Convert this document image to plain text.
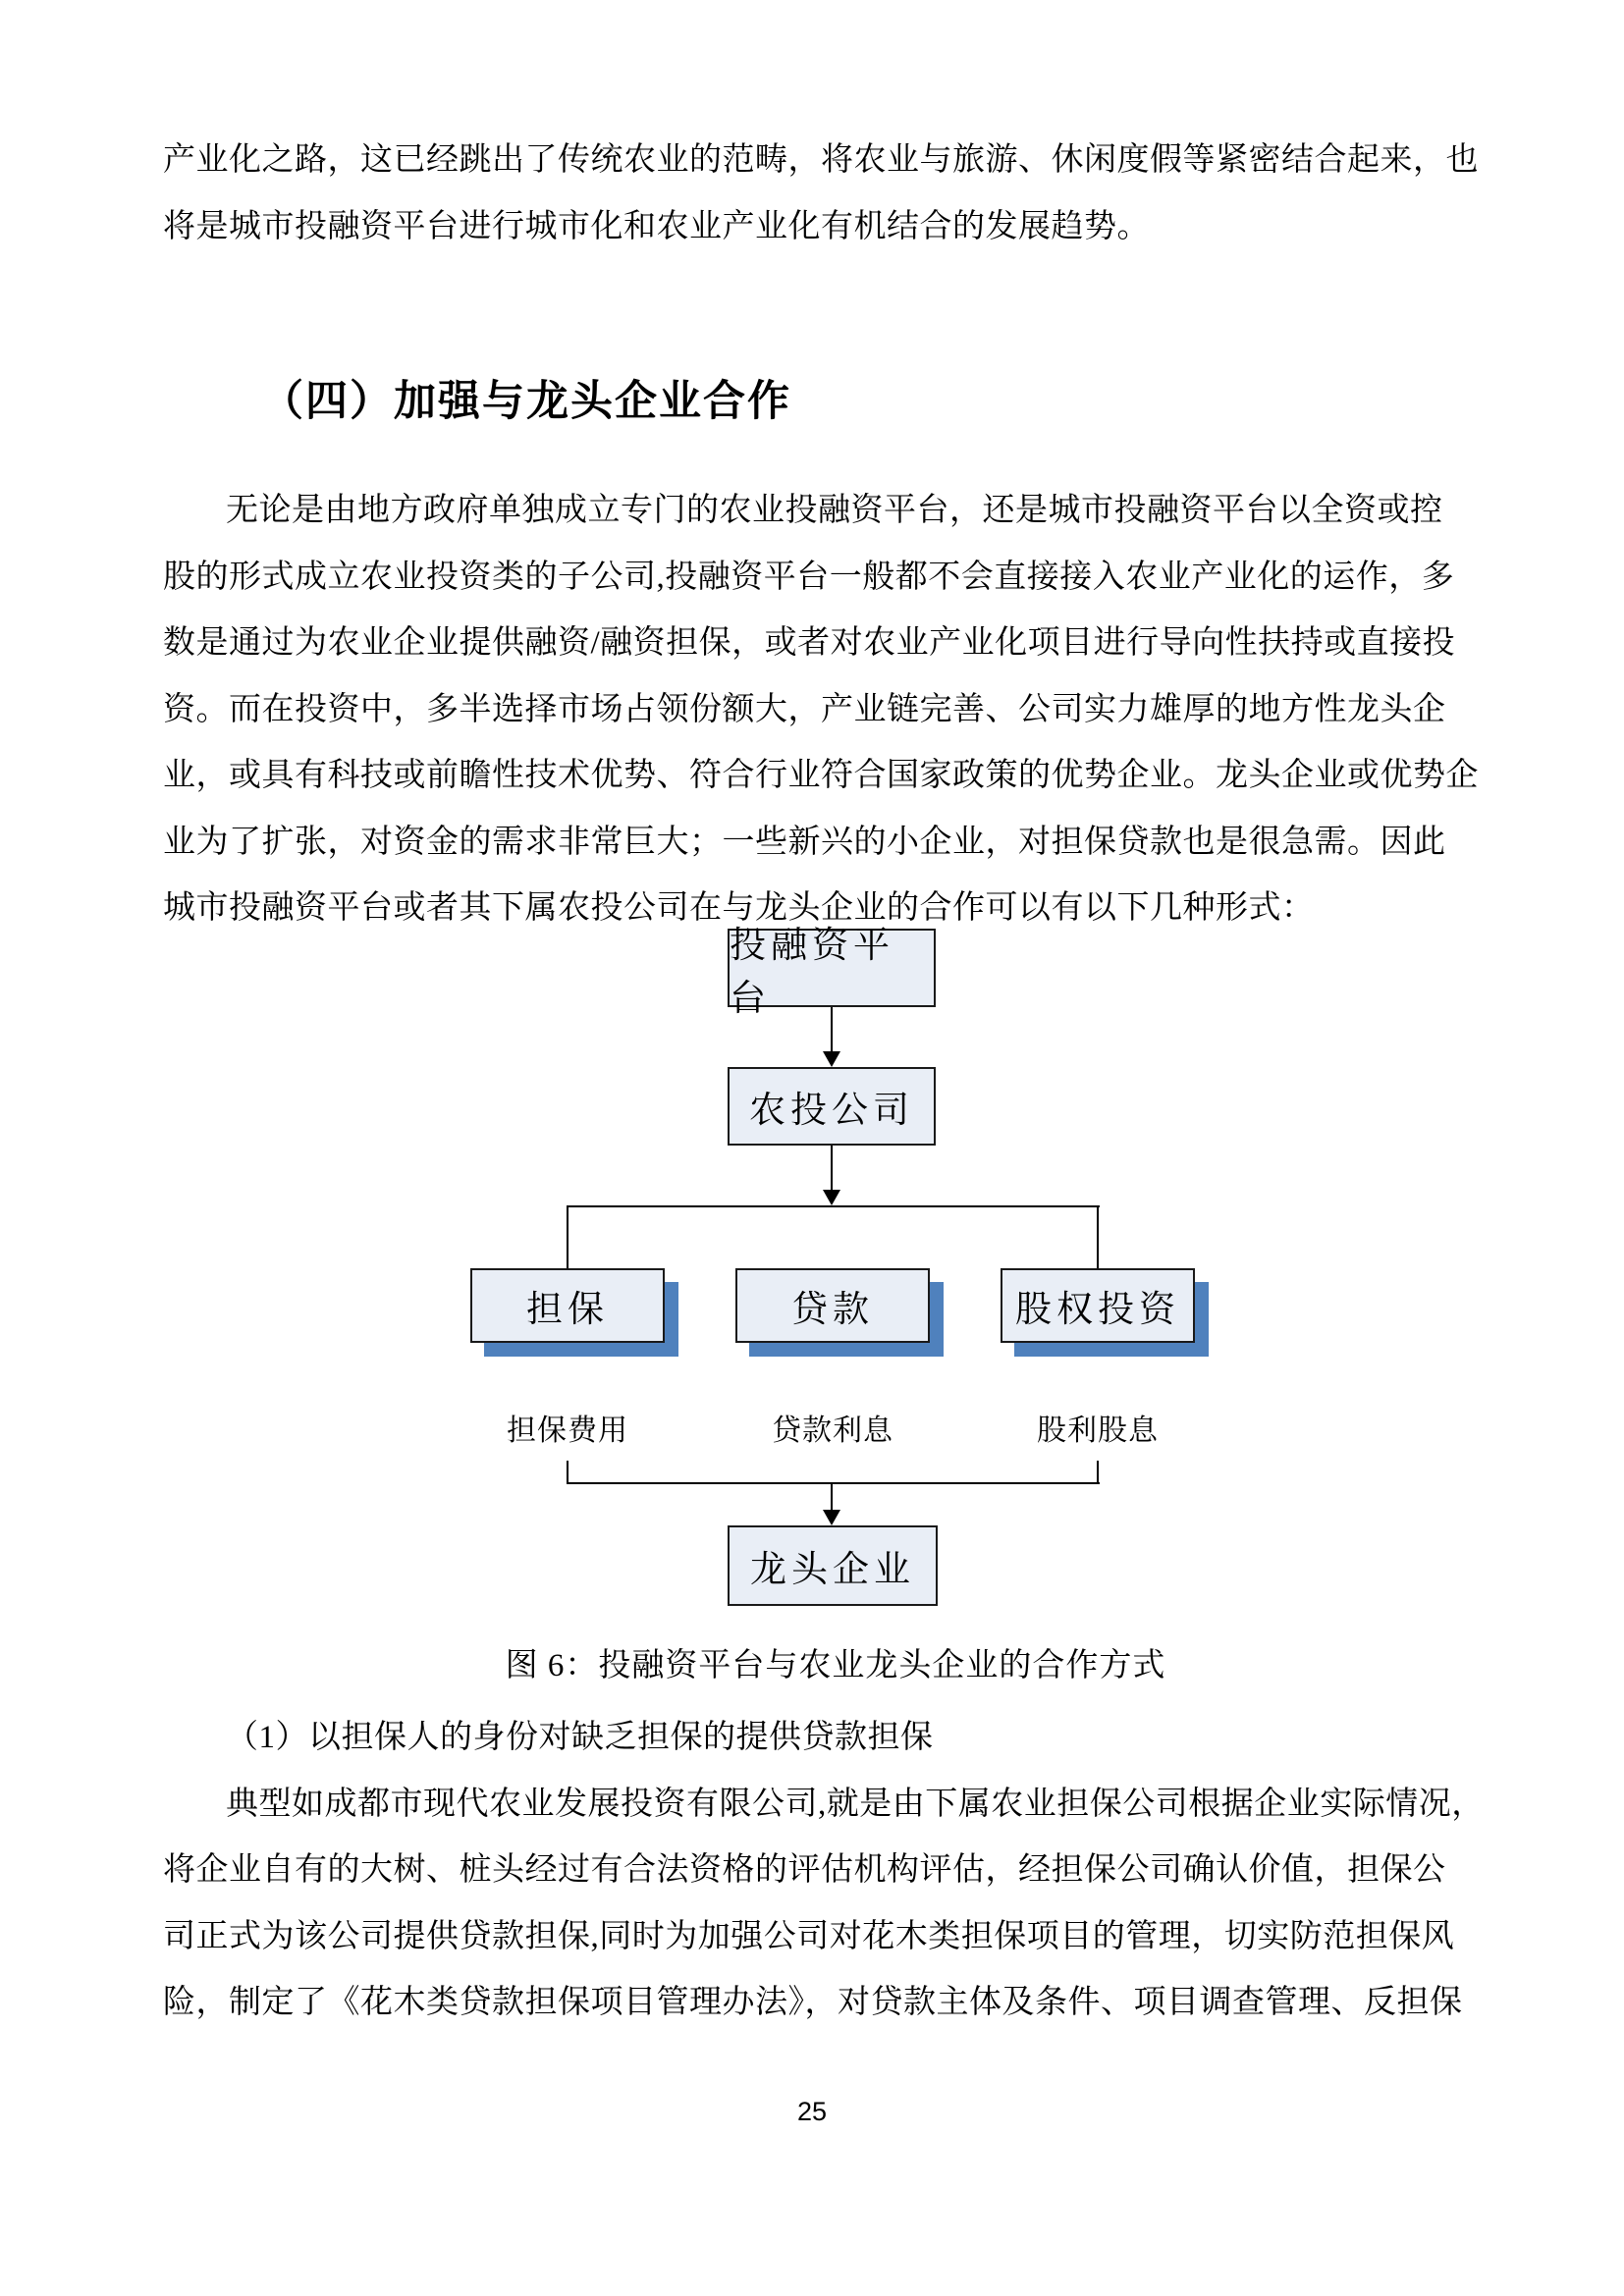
产业化之路，这已经跳出了传统农业的范畴，将农业与旅游、休闲度假等紧密结合起来，也
将是城市投融资平台进行城市化和农业产业化有机结合的发展趋势。
（四）加强与龙头企业合作
无论是由地方政府单独成立专门的农业投融资平台，还是城市投融资平台以全资或控
股的形式成立农业投资类的子公司,投融资平台一般都不会直接接入农业产业化的运作，多
数是通过为农业企业提供融资/融资担保，或者对农业产业化项目进行导向性扶持或直接投
资。而在投资中，多半选择市场占领份额大，产业链完善、公司实力雄厚的地方性龙头企
业，或具有科技或前瞻性技术优势、符合行业符合国家政策的优势企业。龙头企业或优势企
业为了扩张，对资金的需求非常巨大；一些新兴的小企业，对担保贷款也是很急需。因此
城市投融资平台或者其下属农投公司在与龙头企业的合作可以有以下几种形式：
投融资平台
农投公司
担保	贷款	股权投资
担保费用	贷款利息	股利股息
龙头企业
图 6：投融资平台与农业龙头企业的合作方式
（1）以担保人的身份对缺乏担保的提供贷款担保
典型如成都市现代农业发展投资有限公司,就是由下属农业担保公司根据企业实际情况，
将企业自有的大树、桩头经过有合法资格的评估机构评估，经担保公司确认价值，担保公
司正式为该公司提供贷款担保,同时为加强公司对花木类担保项目的管理，切实防范担保风
险，制定了《花木类贷款担保项目管理办法》，对贷款主体及条件、项目调查管理、反担保
25
